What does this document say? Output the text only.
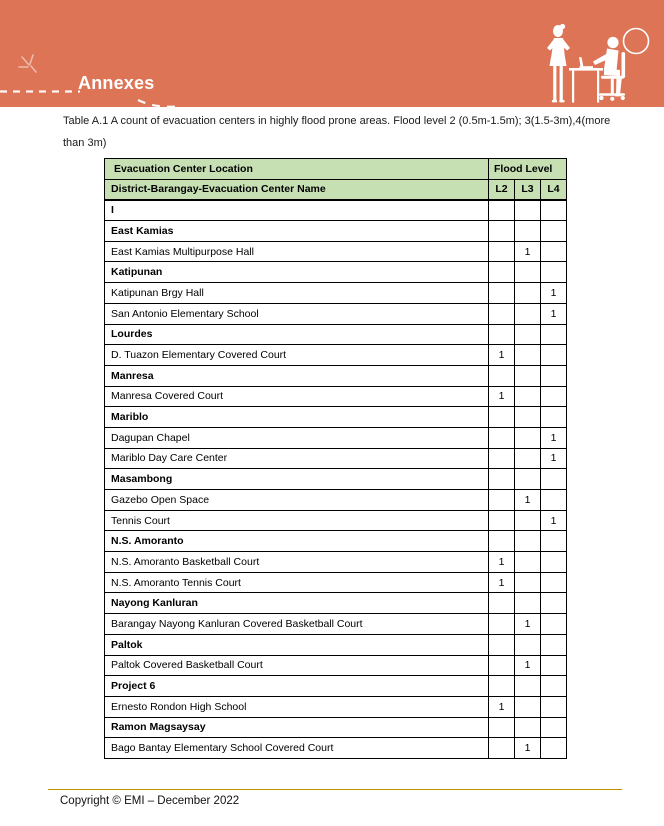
Annexes
Table A.1 A count of evacuation centers in highly flood prone areas. Flood level 2 (0.5m-1.5m); 3(1.5-3m),4(more
than 3m)
Evacuation Center Location	Flood Level		
District-Barangay-Evacuation Center Name	L2	L3	L4
I			
East Kamias			
East Kamias Multipurpose Hall		1	
Katipunan			
Katipunan Brgy Hall			1
San Antonio Elementary School			1
Lourdes			
D. Tuazon Elementary Covered Court	1		
Manresa			
Manresa Covered Court	1		
Mariblo			
Dagupan Chapel			1
Mariblo Day Care Center			1
Masambong			
Gazebo Open Space		1	
Tennis Court			1
N.S. Amoranto			
N.S. Amoranto Basketball Court	1		
N.S. Amoranto Tennis Court	1		
Nayong Kanluran			
Barangay Nayong Kanluran Covered Basketball Court		1	
Paltok			
Paltok Covered Basketball Court		1	
Project 6			
Ernesto Rondon High School	1		
Ramon Magsaysay			
Bago Bantay Elementary School Covered Court		1	
Copyright © EMI – December 2022
